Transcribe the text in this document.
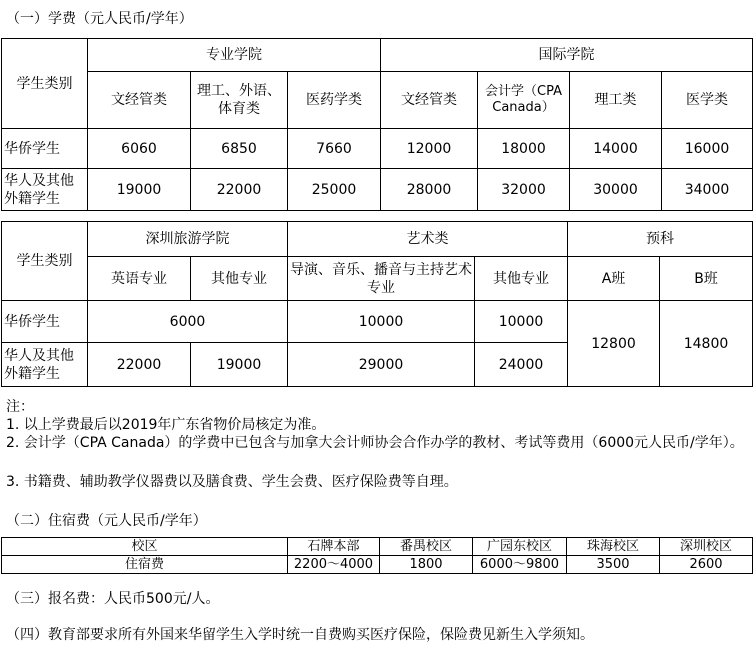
（一）学费（元人民币/学年）
学生类别	专业学院			国际学院			
	文经管类	理工、外语、体育类	医药学类	文经管类	会计学（CPA Canada）	理工类	医学类
华侨学生	6060	6850	7660	12000	18000	14000	16000
华人及其他外籍学生	19000	22000	25000	28000	32000	30000	34000
学生类别	深圳旅游学院		艺术类		预科	
	英语专业	其他专业	导演、音乐、播音与主持艺术专业	其他专业	A班	B班
华侨学生	6000		10000	10000	12800	14800
华人及其他外籍学生	22000	19000	29000	24000		
注：
1. 以上学费最后以2019年广东省物价局核定为准。
2. 会计学（CPA Canada）的学费中已包含与加拿大会计师协会合作办学的教材、考试等费用（6000元人民币/学年）。
3. 书籍费、辅助教学仪器费以及膳食费、学生会费、医疗保险费等自理。
（二）住宿费（元人民币/学年）
校区	石牌本部	番禺校区	广园东校区	珠海校区	深圳校区
住宿费	2200～4000	1800	6000～9800	3500	2600
（三）报名费：人民币500元/人。
（四）教育部要求所有外国来华留学生入学时统一自费购买医疗保险，保险费见新生入学须知。
